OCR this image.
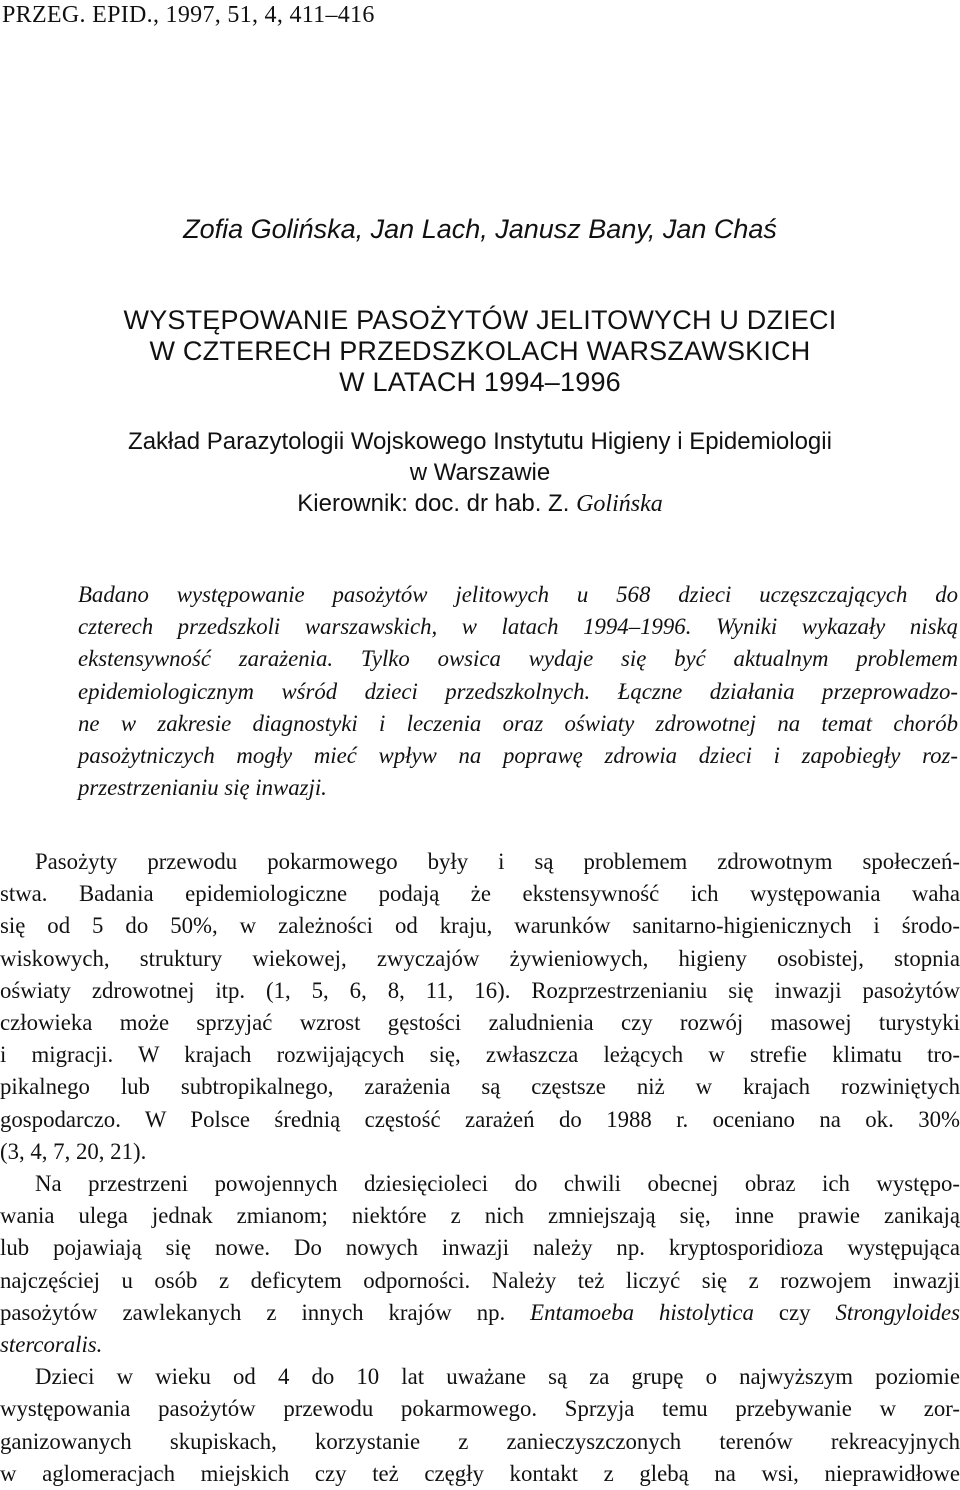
PRZEG. EPID., 1997, 51, 4, 411–416
Zofia Golińska, Jan Lach, Janusz Bany, Jan Chaś
WYSTĘPOWANIE PASOŻYTÓW JELITOWYCH U DZIECI
W CZTERECH PRZEDSZKOLACH WARSZAWSKICH
W LATACH 1994–1996
Zakład Parazytologii Wojskowego Instytutu Higieny i Epidemiologii
w Warszawie
Kierownik: doc. dr hab. Z. Golińska
Badano występowanie pasożytów jelitowych u 568 dzieci uczęszczających do
czterech przedszkoli warszawskich, w latach 1994–1996. Wyniki wykazały niską
ekstensywność zarażenia. Tylko owsica wydaje się być aktualnym problemem
epidemiologicznym wśród dzieci przedszkolnych. Łączne działania przeprowadzo-
ne w zakresie diagnostyki i leczenia oraz oświaty zdrowotnej na temat chorób
pasożytniczych mogły mieć wpływ na poprawę zdrowia dzieci i zapobiegły roz-
przestrzenianiu się inwazji.
Pasożyty przewodu pokarmowego były i są problemem zdrowotnym społeczeń-
stwa. Badania epidemiologiczne podają że ekstensywność ich występowania waha
się od 5 do 50%, w zależności od kraju, warunków sanitarno-higienicznych i środo-
wiskowych, struktury wiekowej, zwyczajów żywieniowych, higieny osobistej, stopnia
oświaty zdrowotnej itp. (1, 5, 6, 8, 11, 16). Rozprzestrzenianiu się inwazji pasożytów
człowieka może sprzyjać wzrost gęstości zaludnienia czy rozwój masowej turystyki
i migracji. W krajach rozwijających się, zwłaszcza leżących w strefie klimatu tro-
pikalnego lub subtropikalnego, zarażenia są częstsze niż w krajach rozwiniętych
gospodarczo. W Polsce średnią częstość zarażeń do 1988 r. oceniano na ok. 30%
(3, 4, 7, 20, 21).
Na przestrzeni powojennych dziesięcioleci do chwili obecnej obraz ich występo-
wania ulega jednak zmianom; niektóre z nich zmniejszają się, inne prawie zanikają
lub pojawiają się nowe. Do nowych inwazji należy np. kryptosporidioza występująca
najczęściej u osób z deficytem odporności. Należy też liczyć się z rozwojem inwazji
pasożytów zawlekanych z innych krajów np. Entamoeba histolytica czy Strongyloides
stercoralis.
Dzieci w wieku od 4 do 10 lat uważane są za grupę o najwyższym poziomie
występowania pasożytów przewodu pokarmowego. Sprzyja temu przebywanie w zor-
ganizowanych skupiskach, korzystanie z zanieczyszczonych terenów rekreacyjnych
w aglomeracjach miejskich czy też częgły kontakt z glebą na wsi, nieprawidłowe
